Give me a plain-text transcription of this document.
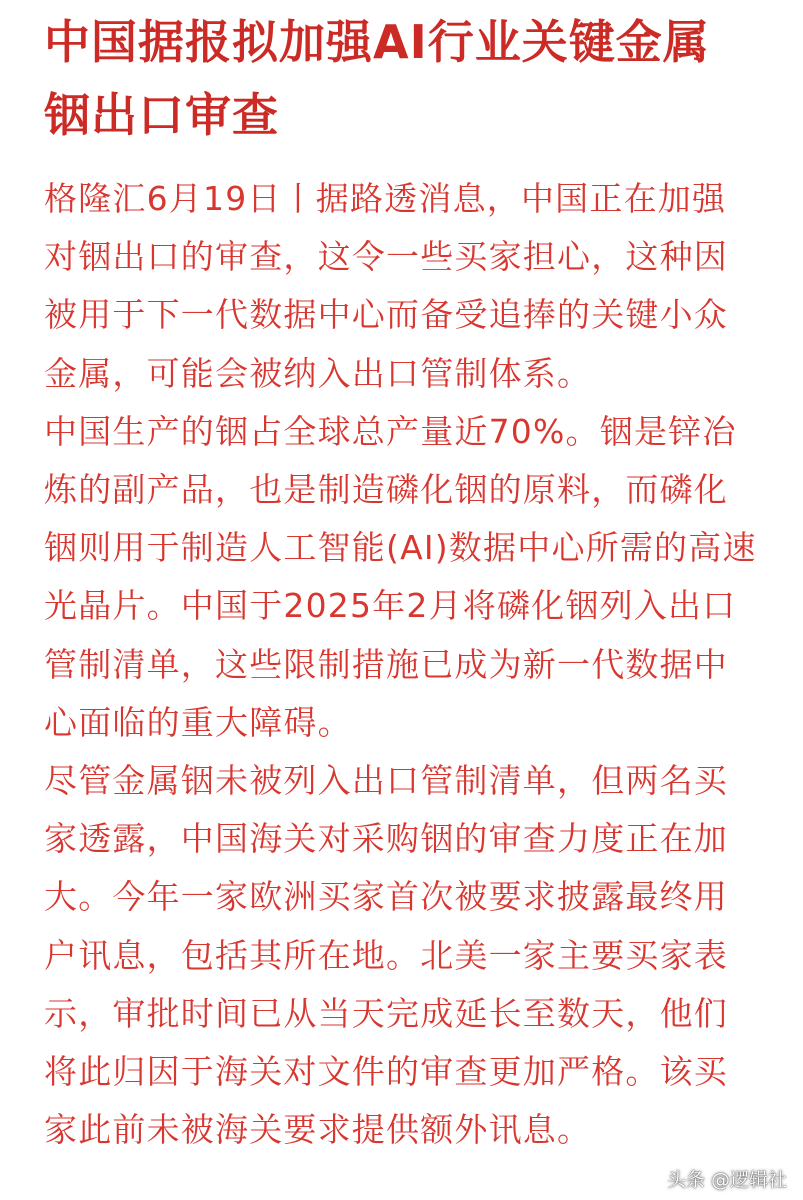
中国据报拟加强AI行业关键金属
铟出口审查
格隆汇6月19日丨据路透消息，中国正在加强
对铟出口的审查，这令一些买家担心，这种因
被用于下一代数据中心而备受追捧的关键小众
金属，可能会被纳入出口管制体系。
中国生产的铟占全球总产量近70%。铟是锌冶
炼的副产品，也是制造磷化铟的原料，而磷化
铟则用于制造人工智能(AI)数据中心所需的高速
光晶片。中国于2025年2月将磷化铟列入出口
管制清单，这些限制措施已成为新一代数据中
心面临的重大障碍。
尽管金属铟未被列入出口管制清单，但两名买
家透露，中国海关对采购铟的审查力度正在加
大。今年一家欧洲买家首次被要求披露最终用
户讯息，包括其所在地。北美一家主要买家表
示，审批时间已从当天完成延长至数天，他们
将此归因于海关对文件的审查更加严格。该买
家此前未被海关要求提供额外讯息。
头条 @逻辑社
